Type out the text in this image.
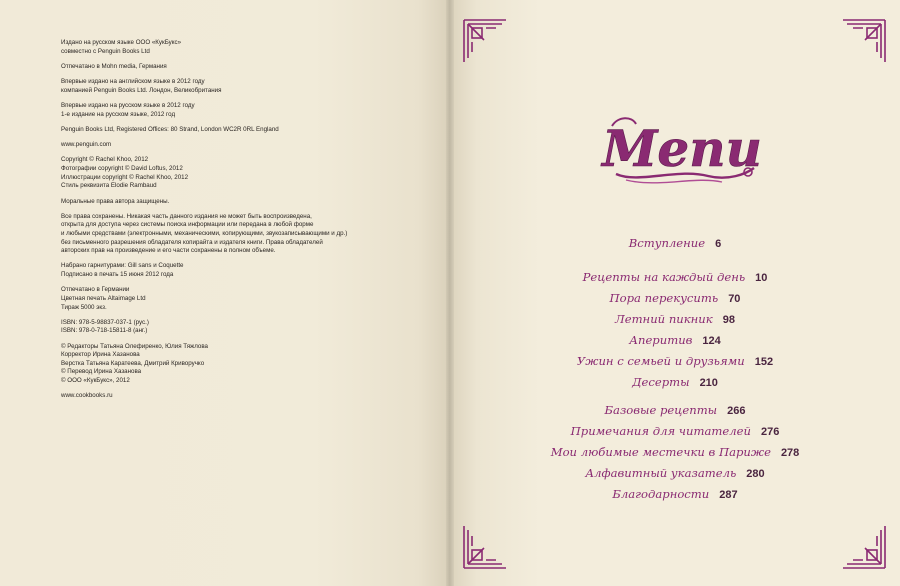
Издано на русском языке ООО «КукБукс»
совместно с Penguin Books Ltd

Отпечатано в Mohn media, Германия

Впервые издано на английском языке в 2012 году
компанией Penguin Books Ltd. Лондон, Великобритания

Впервые издано на русском языке в 2012 году
1-е издание на русском языке, 2012 год

Penguin Books Ltd, Registered Offices: 80 Strand, London WC2R 0RL England

www.penguin.com

Copyright © Rachel Khoo, 2012
Фотографии copyright © David Loftus, 2012
Иллюстрации copyright © Rachel Khoo, 2012
Стиль реквизита Elodie Rambaud

Моральные права автора защищены.

Все права сохранены. Никакая часть данного издания не может быть воспроизведена,
открыта для доступа через системы поиска информации или передана в любой форме
и любыми средствами (электронными, механическими, копирующими, звукозаписывающими и др.)
без письменного разрешения обладателя копирайта и издателя книги. Права обладателей
авторских прав на произведение и его части сохранены в полном объеме.

Набрано гарнитурами: Gill sans и Coquette
Подписано в печать 15 июня 2012 года

Отпечатано в Германии
Цветная печать Altaimage Ltd
Тираж 5000 экз.

ISBN: 978-5-98837-037-1 (рус.)
ISBN: 978-0-718-15811-8 (анг.)

© Редакторы Татьяна Олефиренко, Юлия Тяжлова
Корректор Ирина Хазанова
Верстка Татьяна Каратеева, Дмитрий Криворучко
© Перевод Ирина Хазанова
© ООО «КукБукс», 2012

www.cookbooks.ru

Menu
Вступление 6
Рецепты на каждый день 10
Пора перекусить 70
Летний пикник 98
Аперитив 124
Ужин с семьей и друзьями 152
Десерты 210
Базовые рецепты 266
Примечания для читателей 276
Мои любимые местечки в Париже 278
Алфавитный указатель 280
Благодарности 287
